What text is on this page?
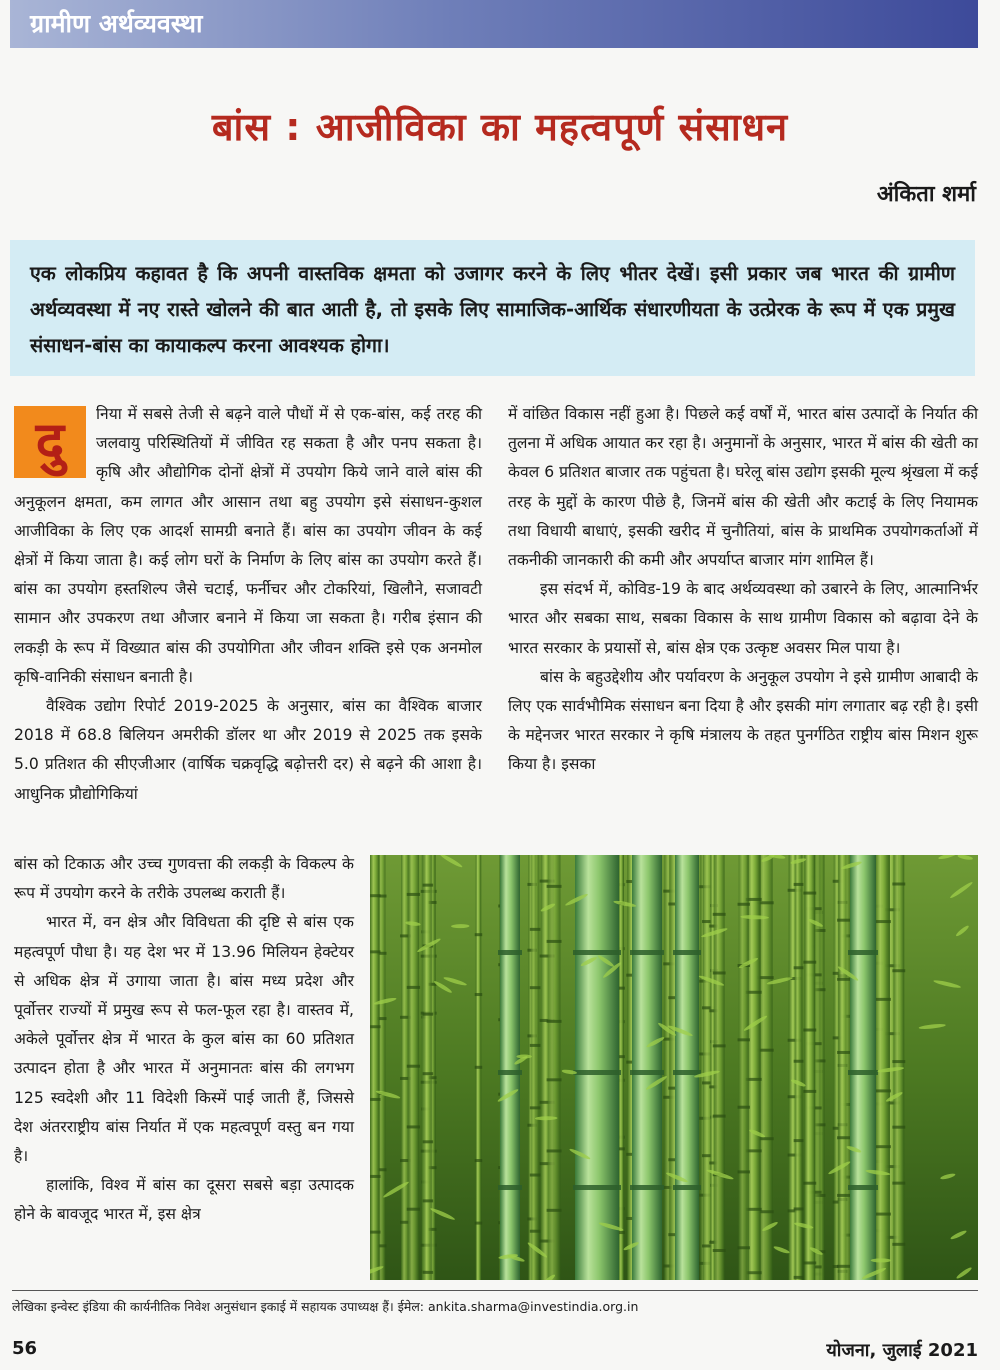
ग्रामीण अर्थव्यवस्था
बांस : आजीविका का महत्वपूर्ण संसाधन
अंकिता शर्मा

एक लोकप्रिय कहावत है कि अपनी वास्तविक क्षमता को उजागर करने के लिए भीतर देखें। इसी प्रकार जब भारत की ग्रामीण अर्थव्यवस्था में नए रास्ते खोलने की बात आती है, तो इसके लिए सामाजिक-आर्थिक संधारणीयता के उत्प्रेरक के रूप में एक प्रमुख संसाधन-बांस का कायाकल्प करना आवश्यक होगा।

दु	निया में सबसे तेजी से बढ़ने वाले पौधों में से एक-बांस, कई तरह की जलवायु परिस्थितियों में जीवित रह सकता है और पनप सकता है। कृषि और औद्योगिक दोनों क्षेत्रों में उपयोग किये जाने वाले बांस की अनुकूलन क्षमता, कम लागत और आसान तथा बहु उपयोग इसे संसाधन-कुशल आजीविका के लिए एक आदर्श सामग्री बनाते हैं। बांस का उपयोग जीवन के कई क्षेत्रों में किया जाता है। कई लोग घरों के निर्माण के लिए बांस का उपयोग करते हैं। बांस का उपयोग हस्तशिल्प जैसे चटाई, फर्नीचर और टोकरियां, खिलौने, सजावटी सामान और उपकरण तथा औजार बनाने में किया जा सकता है। गरीब इंसान की लकड़ी के रूप में विख्यात बांस की उपयोगिता और जीवन शक्ति इसे एक अनमोल कृषि-वानिकी संसाधन बनाती है।

वैश्विक उद्योग रिपोर्ट 2019-2025 के अनुसार, बांस का वैश्विक बाजार 2018 में 68.8 बिलियन अमरीकी डॉलर था और 2019 से 2025 तक इसके 5.0 प्रतिशत की सीएजीआर (वार्षिक चक्रवृद्धि बढ़ोत्तरी दर) से बढ़ने की आशा है। आधुनिक प्रौद्योगिकियां

बांस को टिकाऊ और उच्च गुणवत्ता की लकड़ी के विकल्प के रूप में उपयोग करने के तरीके उपलब्ध कराती हैं।

भारत में, वन क्षेत्र और विविधता की दृष्टि से बांस एक महत्वपूर्ण पौधा है। यह देश भर में 13.96 मिलियन हेक्टेयर से अधिक क्षेत्र में उगाया जाता है। बांस मध्य प्रदेश और पूर्वोत्तर राज्यों में प्रमुख रूप से फल-फूल रहा है। वास्तव में, अकेले पूर्वोत्तर क्षेत्र में भारत के कुल बांस का 60 प्रतिशत उत्पादन होता है और भारत में अनुमानतः बांस की लगभग 125 स्वदेशी और 11 विदेशी किस्में पाई जाती हैं, जिससे देश अंतरराष्ट्रीय बांस निर्यात में एक महत्वपूर्ण वस्तु बन गया है।

हालांकि, विश्व में बांस का दूसरा सबसे बड़ा उत्पादक होने के बावजूद भारत में, इस क्षेत्र

में वांछित विकास नहीं हुआ है। पिछले कई वर्षों में, भारत बांस उत्पादों के निर्यात की तुलना में अधिक आयात कर रहा है। अनुमानों के अनुसार, भारत में बांस की खेती का केवल 6 प्रतिशत बाजार तक पहुंचता है। घरेलू बांस उद्योग इसकी मूल्य श्रृंखला में कई तरह के मुद्दों के कारण पीछे है, जिनमें बांस की खेती और कटाई के लिए नियामक तथा विधायी बाधाएं, इसकी खरीद में चुनौतियां, बांस के प्राथमिक उपयोगकर्ताओं में तकनीकी जानकारी की कमी और अपर्याप्त बाजार मांग शामिल हैं।

इस संदर्भ में, कोविड-19 के बाद अर्थव्यवस्था को उबारने के लिए, आत्मानिर्भर भारत और सबका साथ, सबका विकास के साथ ग्रामीण विकास को बढ़ावा देने के भारत सरकार के प्रयासों से, बांस क्षेत्र एक उत्कृष्ट अवसर मिल पाया है।

बांस के बहुउद्देशीय और पर्यावरण के अनुकूल उपयोग ने इसे ग्रामीण आबादी के लिए एक सार्वभौमिक संसाधन बना दिया है और इसकी मांग लगातार बढ़ रही है। इसी के मद्देनजर भारत सरकार ने कृषि मंत्रालय के तहत पुनर्गठित राष्ट्रीय बांस मिशन शुरू किया है। इसका

लेखिका इन्वेस्ट इंडिया की कार्यनीतिक निवेश अनुसंधान इकाई में सहायक उपाध्यक्ष हैं। ईमेल: ankita.sharma@investindia.org.in
56	योजना, जुलाई 2021
